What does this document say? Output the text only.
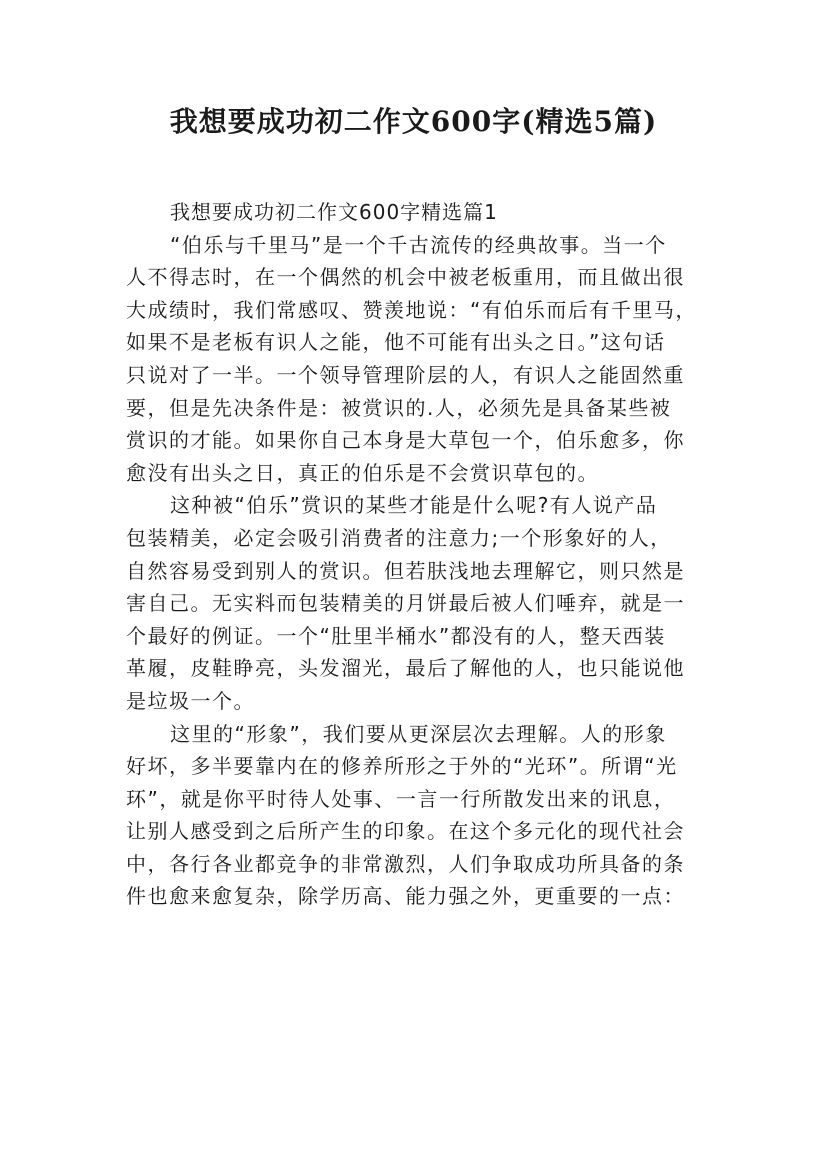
我想要成功初二作文600字(精选5篇)
我想要成功初二作文600字精选篇1
“伯乐与千里马”是一个千古流传的经典故事。当一个
人不得志时，在一个偶然的机会中被老板重用，而且做出很
大成绩时，我们常感叹、赞羡地说：“有伯乐而后有千里马，
如果不是老板有识人之能，他不可能有出头之日。”这句话
只说对了一半。一个领导管理阶层的人，有识人之能固然重
要，但是先决条件是：被赏识的.人，必须先是具备某些被
赏识的才能。如果你自己本身是大草包一个，伯乐愈多，你
愈没有出头之日，真正的伯乐是不会赏识草包的。
这种被“伯乐”赏识的某些才能是什么呢?有人说产品
包装精美，必定会吸引消费者的注意力;一个形象好的人，
自然容易受到别人的赏识。但若肤浅地去理解它，则只然是
害自己。无实料而包装精美的月饼最后被人们唾弃，就是一
个最好的例证。一个“肚里半桶水”都没有的人，整天西装
革履，皮鞋睁亮，头发溜光，最后了解他的人，也只能说他
是垃圾一个。
这里的“形象”，我们要从更深层次去理解。人的形象
好坏，多半要靠内在的修养所形之于外的“光环”。所谓“光
环”，就是你平时待人处事、一言一行所散发出来的讯息，
让别人感受到之后所产生的印象。在这个多元化的现代社会
中，各行各业都竞争的非常激烈，人们争取成功所具备的条
件也愈来愈复杂，除学历高、能力强之外，更重要的一点：
